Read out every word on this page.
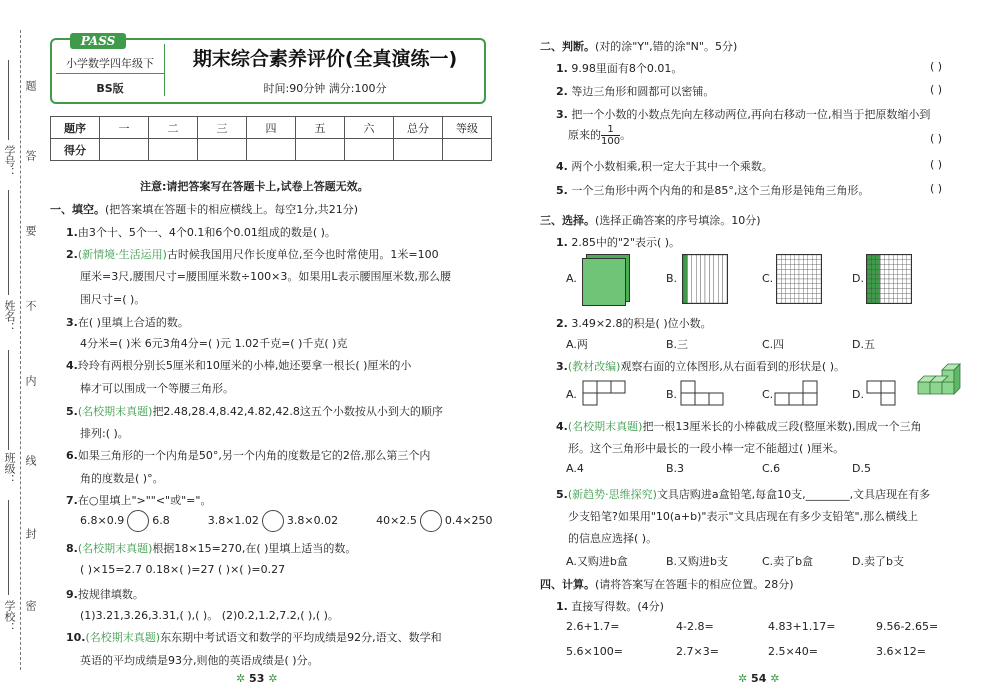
学校：
班级：
姓名：
学号：
题
答
要
不
内
线
封
密
PASS
小学数学四年级下
BS版
期末综合素养评价(全真演练一)
时间:90分钟 满分:100分
题序	一	二	三	四	五	六	总分	等级
得分								
注意:请把答案写在答题卡上,试卷上答题无效。
一、填空。(把答案填在答题卡的相应横线上。每空1分,共21分)
1.由3个十、5个一、4个0.1和6个0.01组成的数是( )。
2.(新情境·生活运用)古时候我国用尺作长度单位,至今也时常使用。1米=100
厘米=3尺,腰围尺寸=腰围厘米数÷100×3。如果用L表示腰围厘米数,那么腰
围尺寸=( )。
3.在( )里填上合适的数。
4分米=( )米 6元3角4分=( )元 1.02千克=( )千克( )克
4.玲玲有两根分别长5厘米和10厘米的小棒,她还要拿一根长( )厘米的小
棒才可以围成一个等腰三角形。
5.(名校期末真题)把2.48,28.4,8.42,4.82,42.8这五个小数按从小到大的顺序
排列:( )。
6.如果三角形的一个内角是50°,另一个内角的度数是它的2倍,那么第三个内
角的度数是( )°。
7.在○里填上">""<"或"="。
6.8×0.9	6.8	3.8×1.02	3.8×0.02	40×2.5	0.4×250
8.(名校期末真题)根据18×15=270,在( )里填上适当的数。
( )×15=2.7 0.18×( )=27 ( )×( )=0.27
9.按规律填数。
(1)3.21,3.26,3.31,( ),( )。 (2)0.2,1.2,7.2,( ),( )。
10.(名校期末真题)东东期中考试语文和数学的平均成绩是92分,语文、数学和
英语的平均成绩是93分,则他的英语成绩是( )分。
✲ 53 ✲
二、判断。(对的涂"Y",错的涂"N"。5分)
1. 9.98里面有8个0.01。	( )
2. 等边三角形和圆都可以密铺。	( )
3. 把一个小数的小数点先向左移动两位,再向右移动一位,相当于把原数缩小到
4. 两个小数相乘,积一定大于其中一个乘数。	( )
5. 一个三角形中两个内角的和是85°,这个三角形是钝角三角形。	( )
原来的 $\frac{1}{100}$ 。	( )
三、选择。(选择正确答案的序号填涂。10分)
1. 2.85中的"2"表示( )。
A.	B.	C.	D.
2. 3.49×2.8的积是( )位小数。
A.两	B.三	C.四	D.五
3.(教材改编)观察右面的立体图形,从右面看到的形状是( )。
A.	B.	C.	D.
4.(名校期末真题)把一根13厘米长的小棒截成三段(整厘米数),围成一个三角
形。这个三角形中最长的一段小棒一定不能超过( )厘米。
A.4	B.3	C.6	D.5
5.(新趋势·思维探究)文具店购进a盒铅笔,每盒10支,________,文具店现在有多
少支铅笔?如果用"10(a+b)"表示"文具店现在有多少支铅笔",那么横线上
的信息应选择( )。
A.又购进b盒	B.又购进b支	C.卖了b盒	D.卖了b支
四、计算。(请将答案写在答题卡的相应位置。28分)
1. 直接写得数。(4分)
2.6+1.7=	4-2.8=	4.83+1.17=	9.56-2.65=
5.6×100=	2.7×3=	2.5×40=	3.6×12=
✲ 54 ✲
